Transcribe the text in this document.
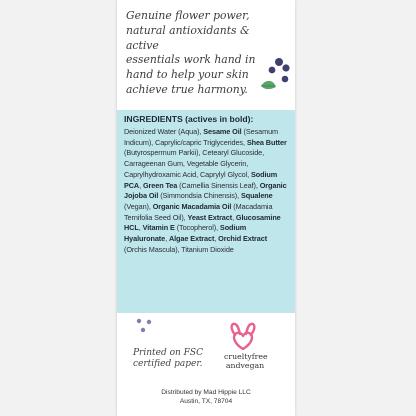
Genuine flower power,
natural antioxidants & active
essentials work hand in
hand to help your skin
achieve true harmony.
INGREDIENTS (actives in bold):
Deionized Water (Aqua), Sesame Oil (Sesamum Indicum), Caprylic/capric Triglycerides, Shea Butter (Butyrospermum Parkii), Cetearyl Glucoside, Carrageenan Gum, Vegetable Glycerin, Caprylhydroxamic Acid, Caprylyl Glycol, Sodium PCA, Green Tea (Camellia Sinensis Leaf), Organic Jojoba Oil (Simmondsia Chinensis), Squalene (Vegan), Organic Macadamia Oil (Macadamia Ternifolia Seed Oil), Yeast Extract, Glucosamine HCL, Vitamin E (Tocopherol), Sodium Hyaluronate, Algae Extract, Orchid Extract (Orchis Mascula), Titanium Dioxide
Printed on FSC
certified paper.
crueltyfree
andvegan
Distributed by Mad Hippie LLC
Austin, TX, 78704
